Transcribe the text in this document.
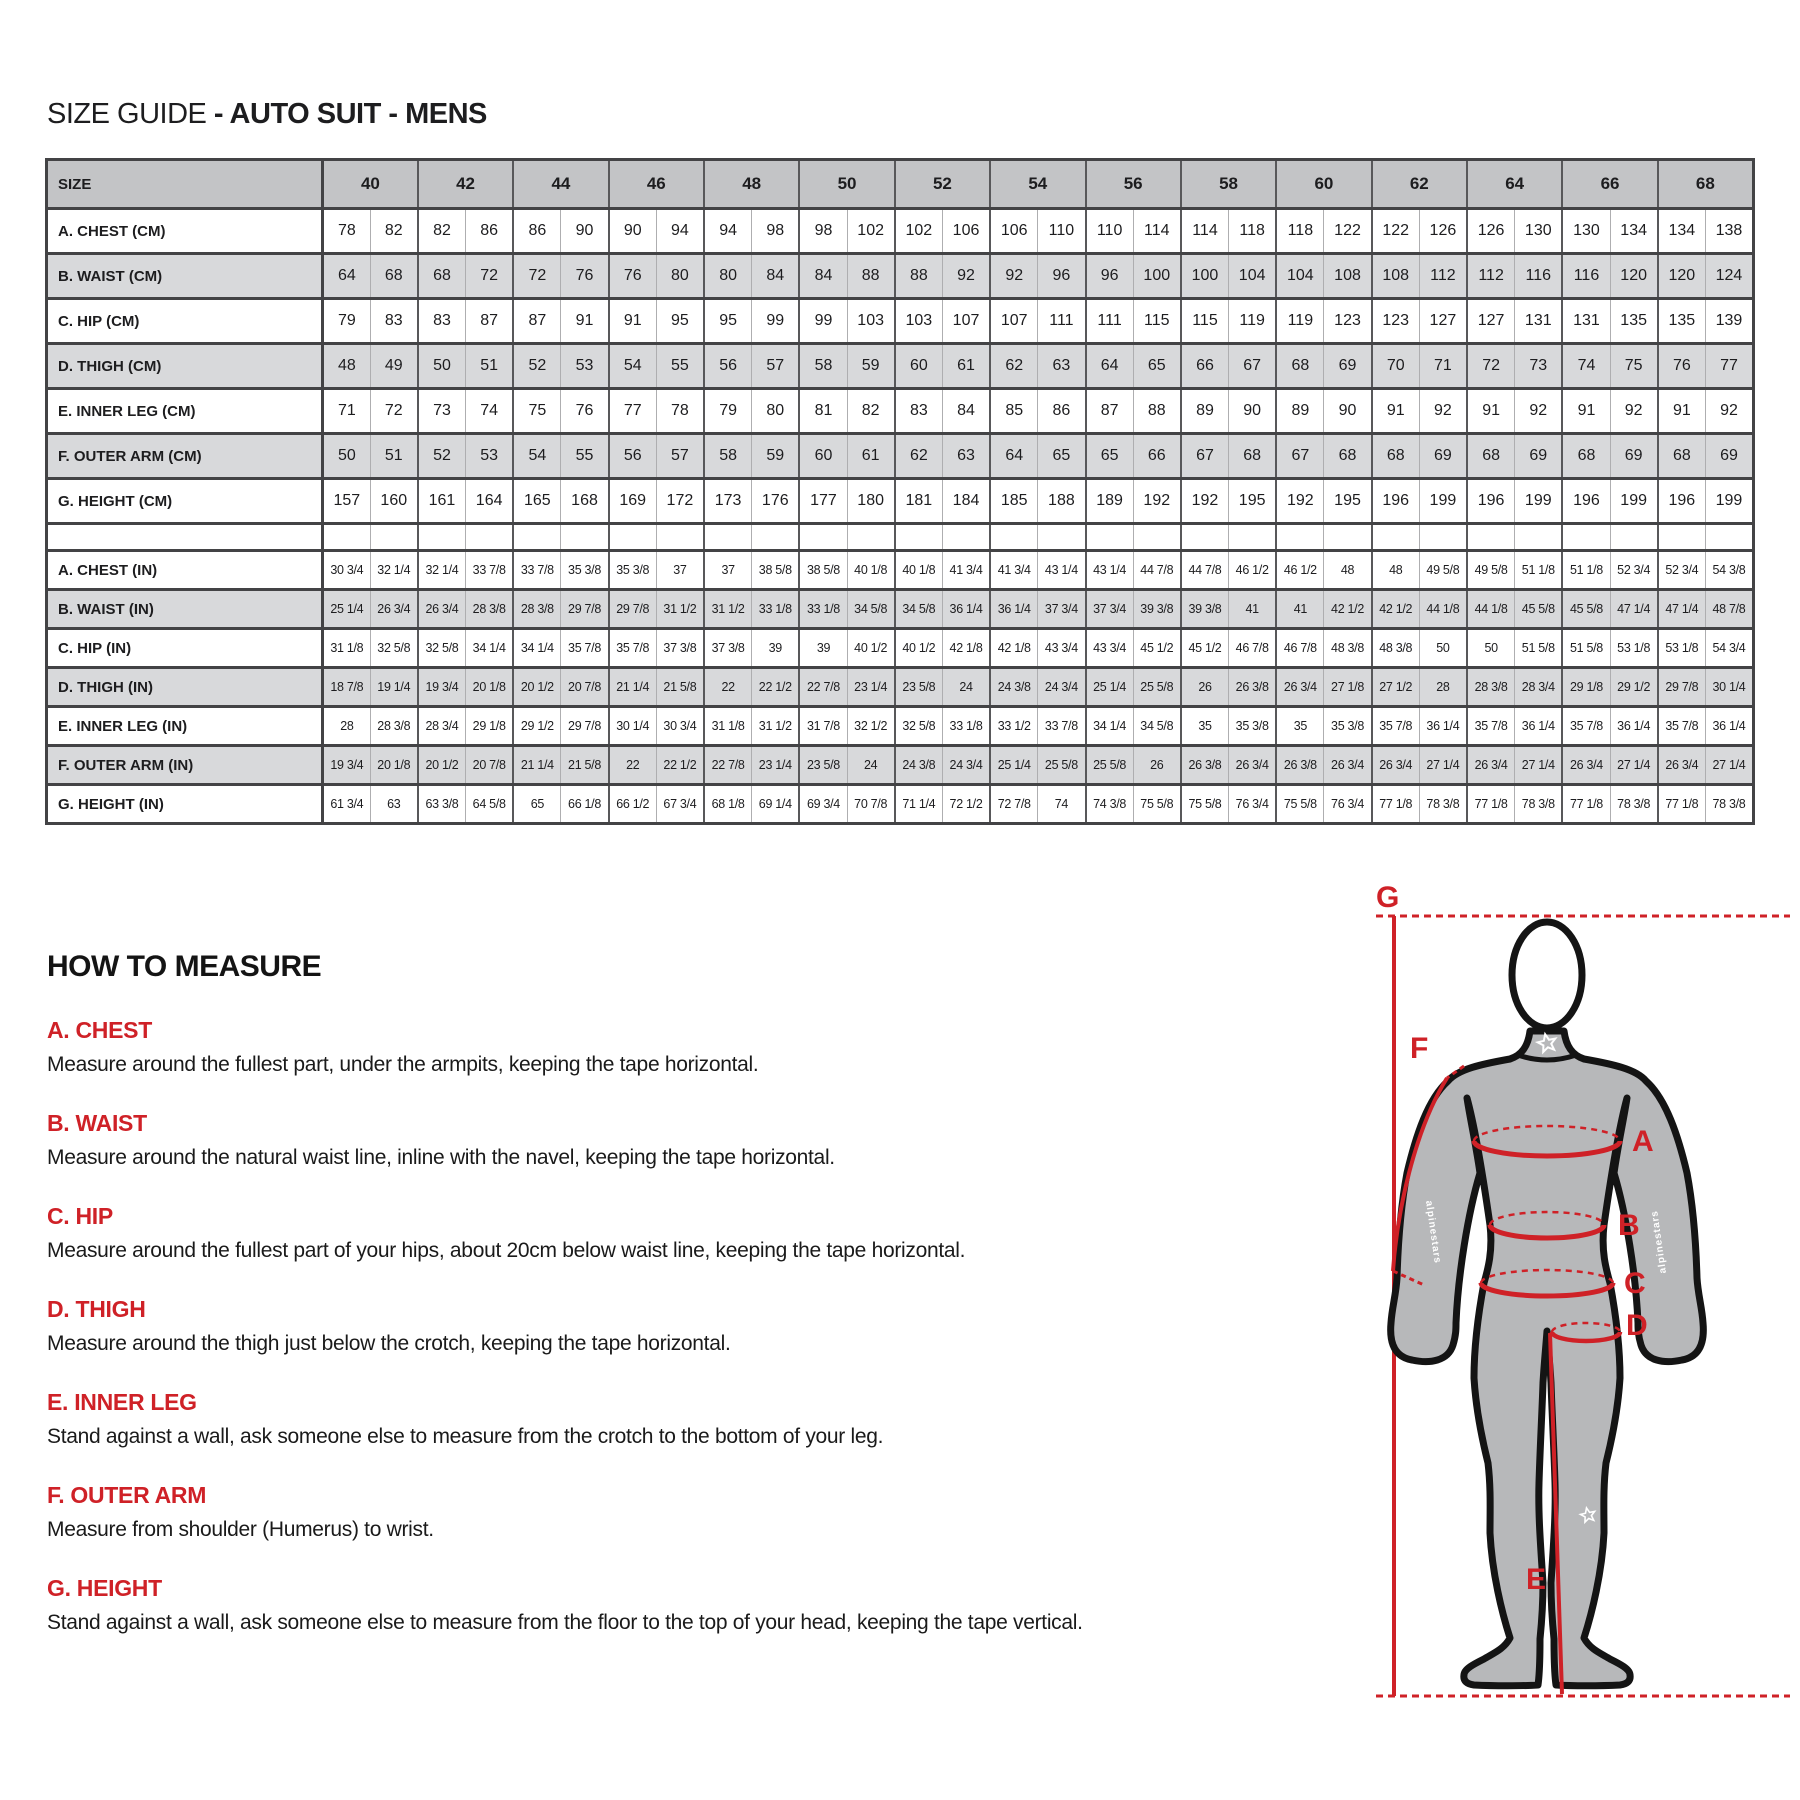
SIZE GUIDE - AUTO SUIT - MENS
SIZE	40		42		44		46		48		50		52		54		56		58		60		62		64		66		68	
A. CHEST (CM)	78	82	82	86	86	90	90	94	94	98	98	102	102	106	106	110	110	114	114	118	118	122	122	126	126	130	130	134	134	138
B. WAIST (CM)	64	68	68	72	72	76	76	80	80	84	84	88	88	92	92	96	96	100	100	104	104	108	108	112	112	116	116	120	120	124
C. HIP (CM)	79	83	83	87	87	91	91	95	95	99	99	103	103	107	107	111	111	115	115	119	119	123	123	127	127	131	131	135	135	139
D. THIGH (CM)	48	49	50	51	52	53	54	55	56	57	58	59	60	61	62	63	64	65	66	67	68	69	70	71	72	73	74	75	76	77
E. INNER LEG (CM)	71	72	73	74	75	76	77	78	79	80	81	82	83	84	85	86	87	88	89	90	89	90	91	92	91	92	91	92	91	92
F. OUTER ARM (CM)	50	51	52	53	54	55	56	57	58	59	60	61	62	63	64	65	65	66	67	68	67	68	68	69	68	69	68	69	68	69
G. HEIGHT (CM)	157	160	161	164	165	168	169	172	173	176	177	180	181	184	185	188	189	192	192	195	192	195	196	199	196	199	196	199	196	199

A. CHEST (IN)	30 3/4	32 1/4	32 1/4	33 7/8	33 7/8	35 3/8	35 3/8	37	37	38 5/8	38 5/8	40 1/8	40 1/8	41 3/4	41 3/4	43 1/4	43 1/4	44 7/8	44 7/8	46 1/2	46 1/2	48	48	49 5/8	49 5/8	51 1/8	51 1/8	52 3/4	52 3/4	54 3/8
B. WAIST (IN)	25 1/4	26 3/4	26 3/4	28 3/8	28 3/8	29 7/8	29 7/8	31 1/2	31 1/2	33 1/8	33 1/8	34 5/8	34 5/8	36 1/4	36 1/4	37 3/4	37 3/4	39 3/8	39 3/8	41	41	42 1/2	42 1/2	44 1/8	44 1/8	45 5/8	45 5/8	47 1/4	47 1/4	48 7/8
C. HIP (IN)	31 1/8	32 5/8	32 5/8	34 1/4	34 1/4	35 7/8	35 7/8	37 3/8	37 3/8	39	39	40 1/2	40 1/2	42 1/8	42 1/8	43 3/4	43 3/4	45 1/2	45 1/2	46 7/8	46 7/8	48 3/8	48 3/8	50	50	51 5/8	51 5/8	53 1/8	53 1/8	54 3/4
D. THIGH (IN)	18 7/8	19 1/4	19 3/4	20 1/8	20 1/2	20 7/8	21 1/4	21 5/8	22	22 1/2	22 7/8	23 1/4	23 5/8	24	24 3/8	24 3/4	25 1/4	25 5/8	26	26 3/8	26 3/4	27 1/8	27 1/2	28	28 3/8	28 3/4	29 1/8	29 1/2	29 7/8	30 1/4
E. INNER LEG (IN)	28	28 3/8	28 3/4	29 1/8	29 1/2	29 7/8	30 1/4	30 3/4	31 1/8	31 1/2	31 7/8	32 1/2	32 5/8	33 1/8	33 1/2	33 7/8	34 1/4	34 5/8	35	35 3/8	35	35 3/8	35 7/8	36 1/4	35 7/8	36 1/4	35 7/8	36 1/4	35 7/8	36 1/4
F. OUTER ARM (IN)	19 3/4	20 1/8	20 1/2	20 7/8	21 1/4	21 5/8	22	22 1/2	22 7/8	23 1/4	23 5/8	24	24 3/8	24 3/4	25 1/4	25 5/8	25 5/8	26	26 3/8	26 3/4	26 3/8	26 3/4	26 3/4	27 1/4	26 3/4	27 1/4	26 3/4	27 1/4	26 3/4	27 1/4
G. HEIGHT (IN)	61 3/4	63	63 3/8	64 5/8	65	66 1/8	66 1/2	67 3/4	68 1/8	69 1/4	69 3/4	70 7/8	71 1/4	72 1/2	72 7/8	74	74 3/8	75 5/8	75 5/8	76 3/4	75 5/8	76 3/4	77 1/8	78 3/8	77 1/8	78 3/8	77 1/8	78 3/8	77 1/8	78 3/8
HOW TO MEASURE
A. CHEST

Measure around the fullest part, under the armpits, keeping the tape horizontal.

B. WAIST

Measure around the natural waist line, inline with the navel, keeping the tape horizontal.

C. HIP

Measure around the fullest part of your hips, about 20cm below waist line, keeping the tape horizontal.

D. THIGH

Measure around the thigh just below the crotch, keeping the tape horizontal.

E. INNER LEG

Stand against a wall, ask someone else to measure from the crotch to the bottom of your leg.

F. OUTER ARM

Measure from shoulder (Humerus) to wrist.

G. HEIGHT

Stand against a wall, ask someone else to measure from the floor to the top of your head, keeping the tape vertical.

G
alpinestars	alpinestars
F
A
B
C
D
E
